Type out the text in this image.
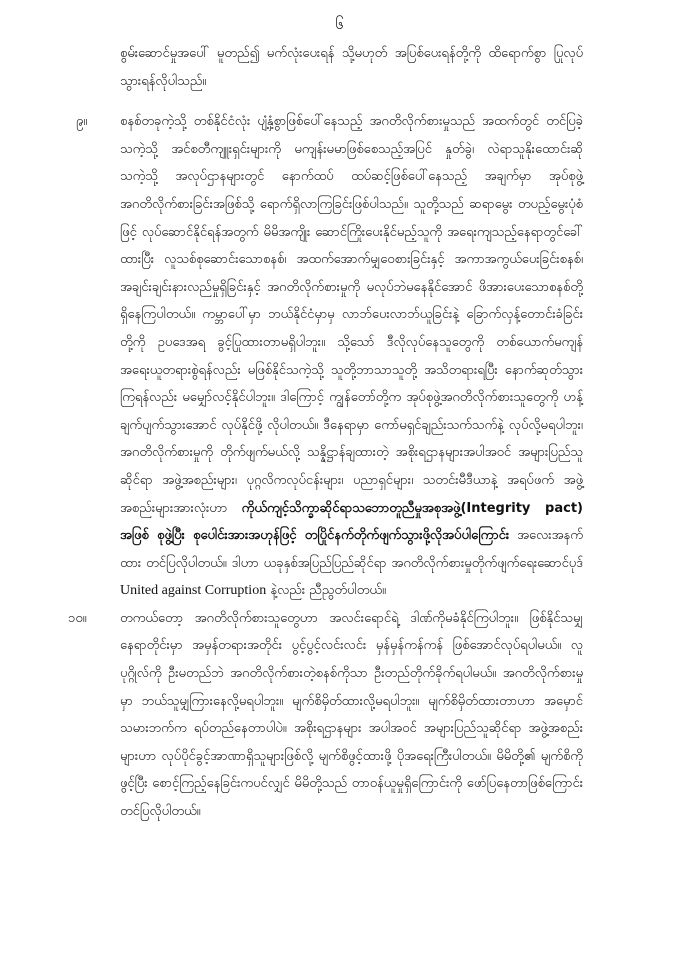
၆

စွမ်းဆောင်မှုအပေါ် မူတည်၍ မက်လုံးပေးရန် သို့မဟုတ် အပြစ်ပေးရန်တို့ကို ထိရောက်စွာ ပြုလုပ်သွားရန်လိုပါသည်။

၉။	စနစ်တခုကဲ့သို့ တစ်နိုင်ငံလုံး ပျံ့နှံ့စွာဖြစ်ပေါ်နေသည့် အဂတိလိုက်စားမှုသည် အထက်တွင် တင်ပြခဲ့သကဲ့သို့ အင်စတီကျူးရှင်းများကို မကျန်းမမာဖြစ်စေသည့်အပြင် နှုတ်ခွဲ၊ လဲရာသူနိုးထောင်းဆိုသကဲ့သို့ အလုပ်ဌာနများတွင် နောက်ထပ် ထပ်ဆင့်ဖြစ်ပေါ်နေသည့် အချက်မှာ အုပ်စုဖွဲ့အဂတိလိုက်စားခြင်းအဖြစ်သို့ ရောက်ရှိလာကြခြင်းဖြစ်ပါသည်။ သူတို့သည် ဆရာမွေး တပည့်မွေးပုံစံဖြင့် လုပ်ဆောင်နိုင်ရန်အတွက် မိမိအကျိုး ဆောင်ကြိုးပေးနိုင်မည့်သူကို အရေးကျသည့်နေရာတွင်ခေါ်ထားပြီး လူသစ်စုဆောင်းသောစနစ်၊ အထက်အောက်မျှဝေစားခြင်းနှင့် အကာအကွယ်ပေးခြင်းစနစ်၊ အချင်းချင်းနားလည်မှုရှိခြင်းနှင့် အဂတိလိုက်စားမှုကို မလုပ်ဘဲမနေနိုင်အောင် ဖိအားပေးသောစနစ်တို့ ရှိနေကြပါတယ်။ ကမ္ဘာပေါ်မှာ ဘယ်နိုင်ငံမှာမှ လာဘ်ပေးလာဘ်ယူခြင်းနဲ့ ခြောက်လှန့်တောင်းခံခြင်းတို့ကို ဥပဒေအရ ခွင့်ပြုထားတာမရှိပါဘူး။ သို့သော် ဒီလိုလုပ်နေသူတွေကို တစ်ယောက်မကျန် အရေးယူတရားစွဲရန်လည်း မဖြစ်နိုင်သကဲ့သို့ သူတို့ဘာသာသူတို့ အသိတရားရပြီး နောက်ဆုတ်သွားကြရန်လည်း မမျှော်လင့်နိုင်ပါဘူး။ ဒါကြောင့် ကျွန်တော်တို့က အုပ်စုဖွဲ့အဂတိလိုက်စားသူတွေကို ဟန့်ချက်ပျက်သွားအောင် လုပ်နိုင်ဖို့ လိုပါတယ်။ ဒီနေရာမှာ ကော်မရှင်ချည်းသက်သက်နဲ့ လုပ်လို့မရပါဘူး၊ အဂတိလိုက်စားမှုကို တိုက်ဖျက်မယ်လို့ သန္နိဋ္ဌာန်ချထားတဲ့ အစိုးရဌာနများအပါအဝင် အများပြည်သူဆိုင်ရာ အဖွဲ့အစည်းများ၊ ပုဂ္ဂလိကလုပ်ငန်းများ၊ ပညာရှင်များ၊ သတင်းမီဒီယာနဲ့ အရပ်ဖက် အဖွဲ့အစည်းများအားလုံးဟာ ကိုယ်ကျင့်သိက္ခာဆိုင်ရာသဘောတူညီမှုအစုအဖွဲ့(Integrity pact) အဖြစ် စုဖွဲ့ပြီး စုပေါင်းအားအဟုန်ဖြင့် တပြိုင်နက်တိုက်ဖျက်သွားဖို့လိုအပ်ပါကြောင်း အလေးအနက်ထား တင်ပြလိုပါတယ်။ ဒါဟာ ယခုနှစ်အပြည်ပြည်ဆိုင်ရာ အဂတိလိုက်စားမှုတိုက်ဖျက်ရေးဆောင်ပုဒ် United against Corruption နဲ့လည်း ညီညွတ်ပါတယ်။
၁၀။	တကယ်တော့ အဂတိလိုက်စားသူတွေဟာ အလင်းရောင်ရဲ့ ဒါဏ်ကိုမခံနိုင်ကြပါဘူး။ ဖြစ်နိုင်သမျှ နေရာတိုင်းမှာ အမှန်တရားအတိုင်း ပွင့်ပွင့်လင်းလင်း မှန်မှန်ကန်ကန် ဖြစ်အောင်လုပ်ရပါမယ်။ လူပုဂ္ဂိုလ်ကို ဦးမတည်ဘဲ အဂတိလိုက်စားတဲ့စနစ်ကိုသာ ဦးတည်တိုက်ခိုက်ရပါမယ်။ အဂတိလိုက်စားမှုမှာ ဘယ်သူမျှကြားနေလို့မရပါဘူး။ မျက်စိမှိတ်ထားလို့မရပါဘူး။ မျက်စိမှိတ်ထားတာဟာ အမှောင်သမားဘက်က ရပ်တည်နေတာပါပဲ။ အစိုးရဌာနများ အပါအဝင် အများပြည်သူဆိုင်ရာ အဖွဲ့အစည်းများဟာ လုပ်ပိုင်ခွင့်အာဏာရှိသူများဖြစ်လို့ မျက်စိဖွင့်ထားဖို့ ပိုအရေးကြီးပါတယ်။ မိမိတို့၏ မျက်စိကိုဖွင့်ပြီး စောင့်ကြည့်နေခြင်းကပင်လျှင် မိမိတို့သည် တာဝန်ယူမှုရှိကြောင်းကို ဖော်ပြနေတာဖြစ်ကြောင်း တင်ပြလိုပါတယ်။
